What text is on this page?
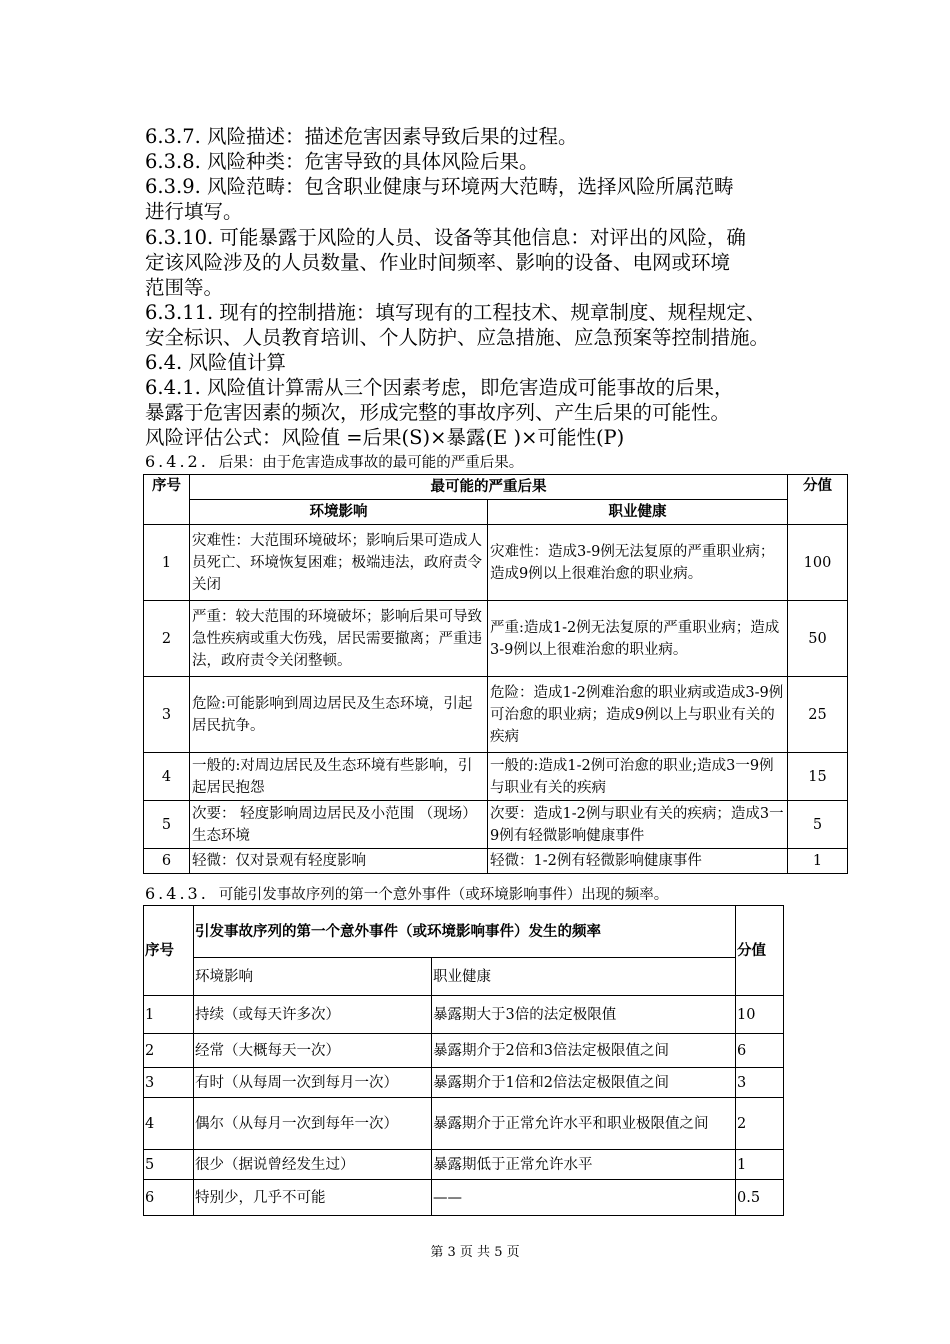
6.3.7. 风险描述：描述危害因素导致后果的过程。
6.3.8. 风险种类：危害导致的具体风险后果。
6.3.9. 风险范畴：包含职业健康与环境两大范畴，选择风险所属范畴
进行填写。
6.3.10. 可能暴露于风险的人员、设备等其他信息：对评出的风险，确
定该风险涉及的人员数量、作业时间频率、影响的设备、电网或环境
范围等。
6.3.11. 现有的控制措施：填写现有的工程技术、规章制度、规程规定、
安全标识、人员教育培训、个人防护、应急措施、应急预案等控制措施。
6.4. 风险值计算
6.4.1. 风险值计算需从三个因素考虑，即危害造成可能事故的后果，
暴露于危害因素的频次，形成完整的事故序列、产生后果的可能性。
风险评估公式：风险值 =后果(S)×暴露(E )×可能性(P)
6.4.2. 后果：由于危害造成事故的最可能的严重后果。
序号	最可能的严重后果		分值
	环境影响	职业健康	
1	灾难性：大范围环境破坏；影响后果可造成人员死亡、环境恢复困难；极端违法，政府责令关闭	灾难性：造成3-9例无法复原的严重职业病；造成9例以上很难治愈的职业病。	100
2	严重：较大范围的环境破坏；影响后果可导致急性疾病或重大伤残，居民需要撤离；严重违法，政府责令关闭整顿。	严重:造成1-2例无法复原的严重职业病；造成3-9例以上很难治愈的职业病。	50
3	危险:可能影响到周边居民及生态环境，引起居民抗争。	危险：造成1-2例难治愈的职业病或造成3-9例可治愈的职业病；造成9例以上与职业有关的疾病	25
4	一般的:对周边居民及生态环境有些影响，引起居民抱怨	一般的:造成1-2例可治愈的职业;造成3一9例与职业有关的疾病	15
5	次要： 轻度影响周边居民及小范围 （现场）生态环境	次要：造成1-2例与职业有关的疾病；造成3一9例有轻微影响健康事件	5
6	轻微：仅对景观有轻度影响	轻微：1-2例有轻微影响健康事件	1
6.4.3. 可能引发事故序列的第一个意外事件（或环境影响事件）出现的频率。
序号	引发事故序列的第一个意外事件（或环境影响事件）发生的频率		分值
	环境影响	职业健康	
1	持续（或每天许多次）	暴露期大于3倍的法定极限值	10
2	经常（大概每天一次）	暴露期介于2倍和3倍法定极限值之间	6
3	有时（从每周一次到每月一次）	暴露期介于1倍和2倍法定极限值之间	3
4	偶尔（从每月一次到每年一次）	暴露期介于正常允许水平和职业极限值之间	2
5	很少（据说曾经发生过）	暴露期低于正常允许水平	1
6	特别少，几乎不可能	——	0.5
第 3 页 共 5 页
